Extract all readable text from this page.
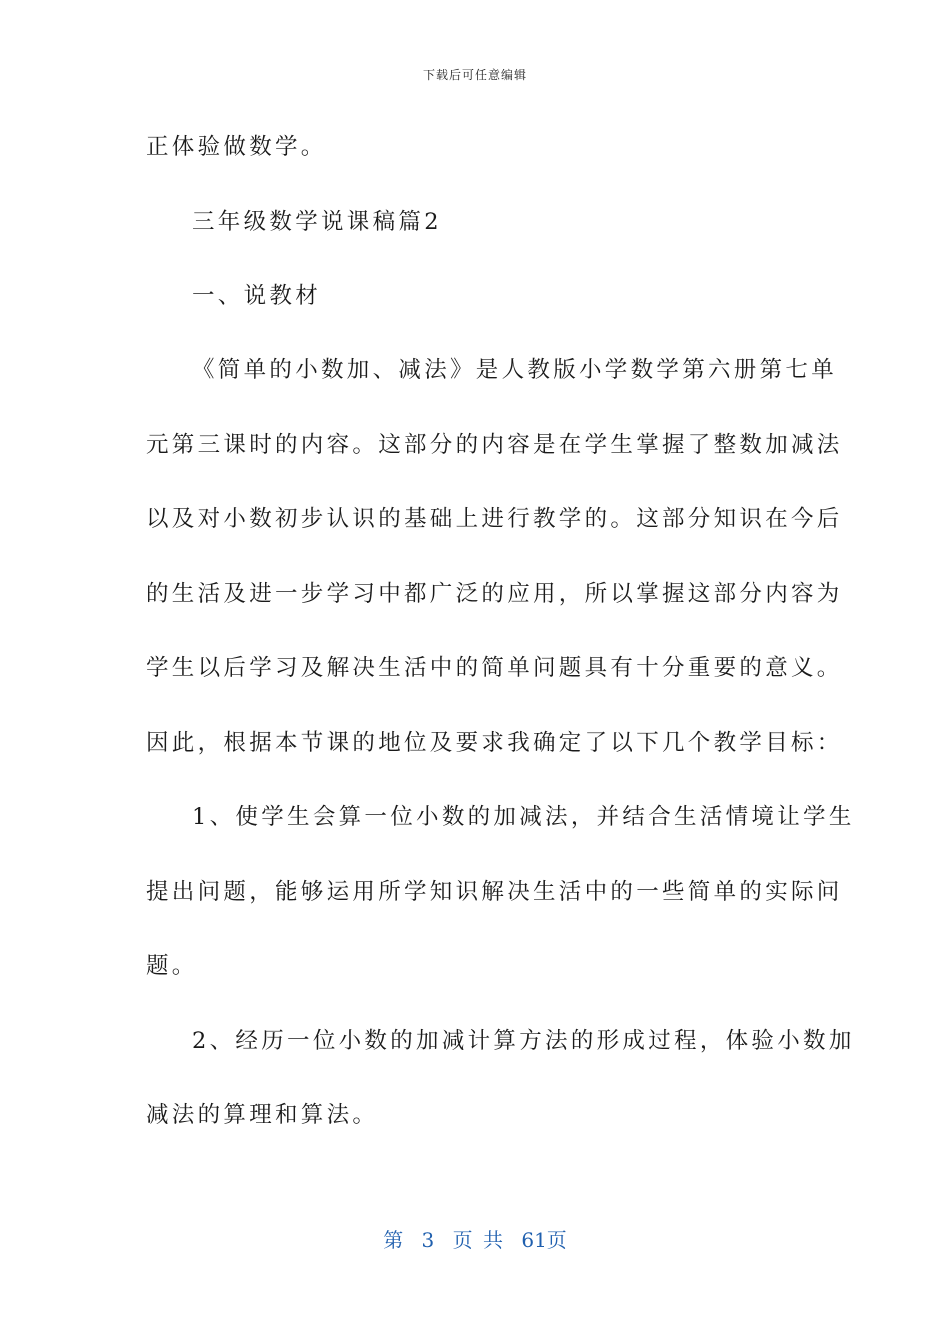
下载后可任意编辑
正体验做数学。
三年级数学说课稿篇2
一、说教材
《简单的小数加、减法》是人教版小学数学第六册第七单
元第三课时的内容。这部分的内容是在学生掌握了整数加减法
以及对小数初步认识的基础上进行教学的。这部分知识在今后
的生活及进一步学习中都广泛的应用，所以掌握这部分内容为
学生以后学习及解决生活中的简单问题具有十分重要的意义。
因此，根据本节课的地位及要求我确定了以下几个教学目标：
1、使学生会算一位小数的加减法，并结合生活情境让学生
提出问题，能够运用所学知识解决生活中的一些简单的实际问
题。
2、经历一位小数的加减计算方法的形成过程，体验小数加
减法的算理和算法。
第 3 页 共 61页
